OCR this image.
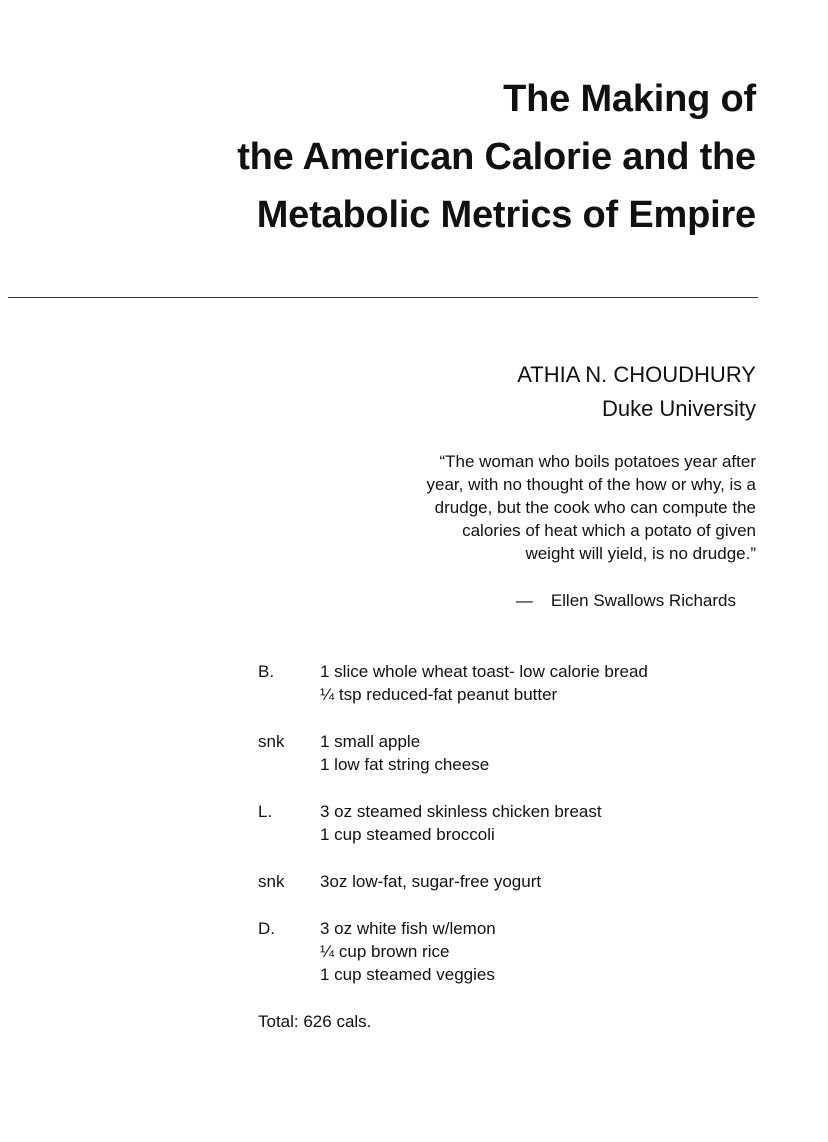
The Making of
the American Calorie and the
Metabolic Metrics of Empire
ATHIA N. CHOUDHURY
Duke University
“The woman who boils potatoes year after
year, with no thought of the how or why, is a
drudge, but the cook who can compute the
calories of heat which a potato of given
weight will yield, is no drudge.”
— Ellen Swallows Richards
B.	1 slice whole wheat toast- low calorie bread
¼ tsp reduced-fat peanut butter
snk	1 small apple
1 low fat string cheese
L.	3 oz steamed skinless chicken breast
1 cup steamed broccoli
snk	3oz low-fat, sugar-free yogurt
D.	3 oz white fish w/lemon
¼ cup brown rice
1 cup steamed veggies
Total: 626 cals.
